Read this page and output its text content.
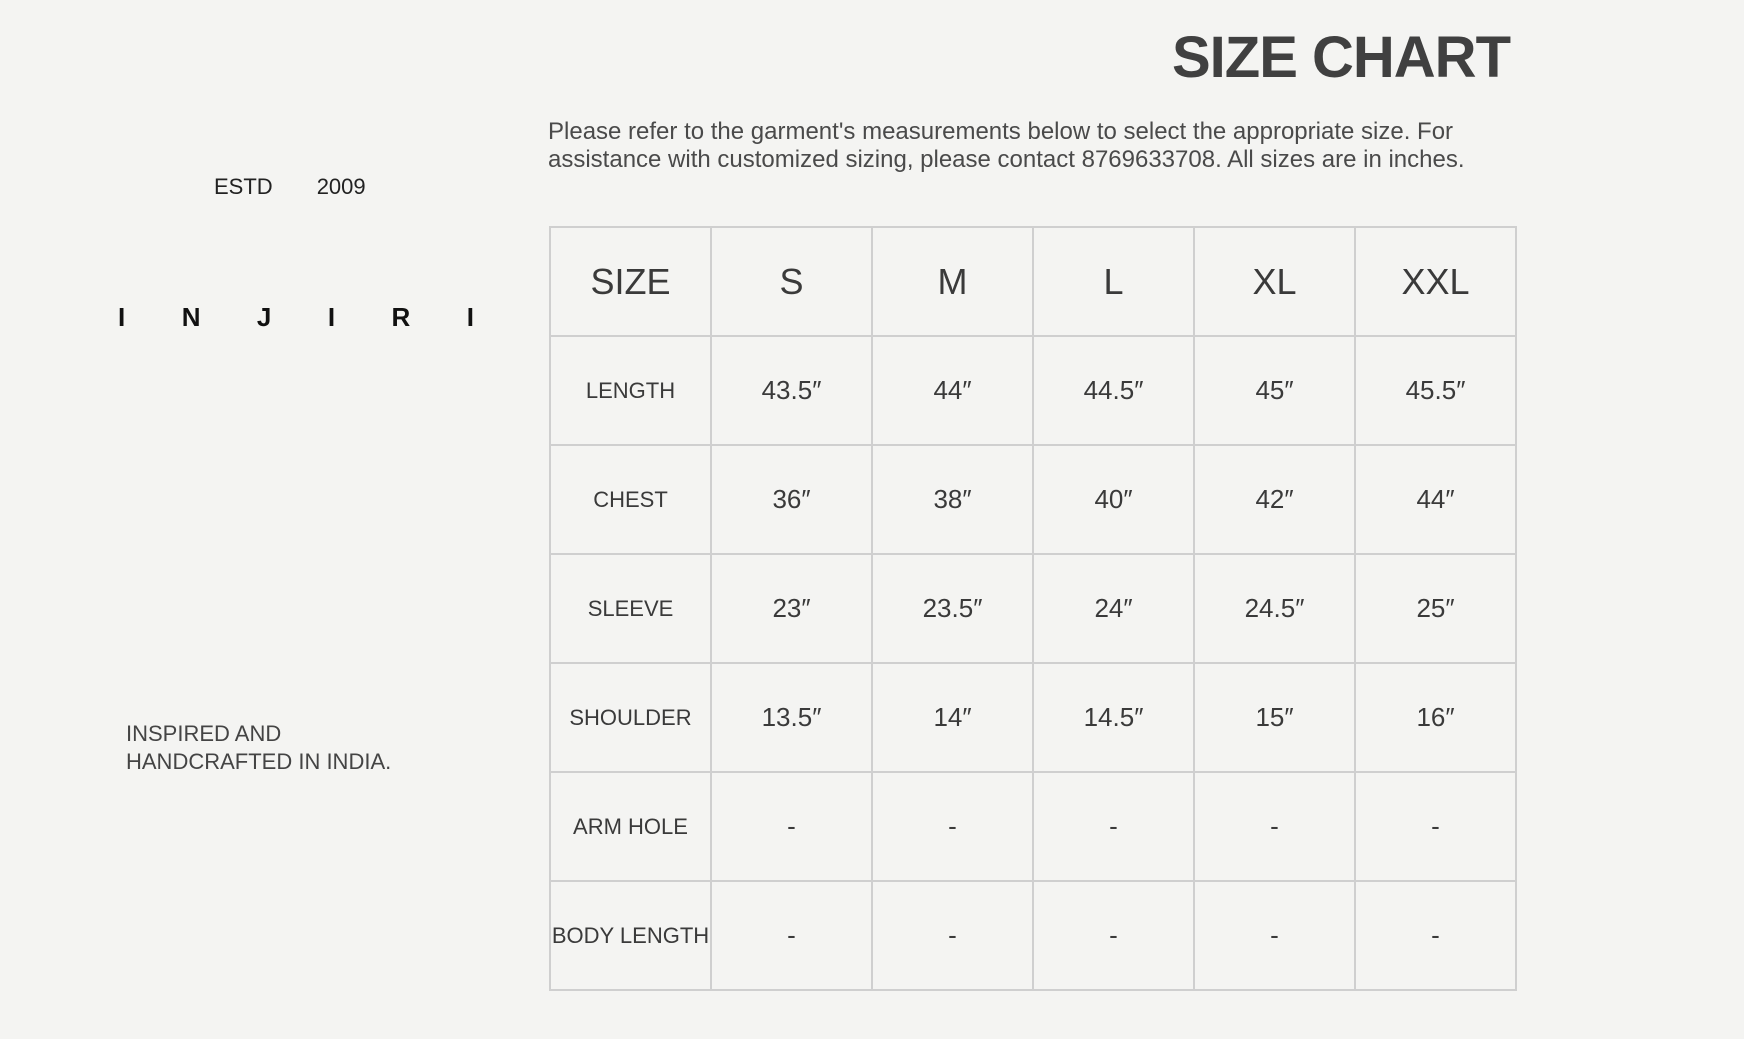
SIZE CHART

Please refer to the garment's measurements below to select the appropriate size. For
assistance with customized sizing, please contact 8769633708. All sizes are in inches.

ESTD 2009
I N J I R I

INSPIRED AND
HANDCRAFTED IN INDIA.

SIZE	S	M	L	XL	XXL
LENGTH	43.5″	44″	44.5″	45″	45.5″
CHEST	36″	38″	40″	42″	44″
SLEEVE	23″	23.5″	24″	24.5″	25″
SHOULDER	13.5″	14″	14.5″	15″	16″
ARM HOLE	-	-	-	-	-
BODY LENGTH	-	-	-	-	-
